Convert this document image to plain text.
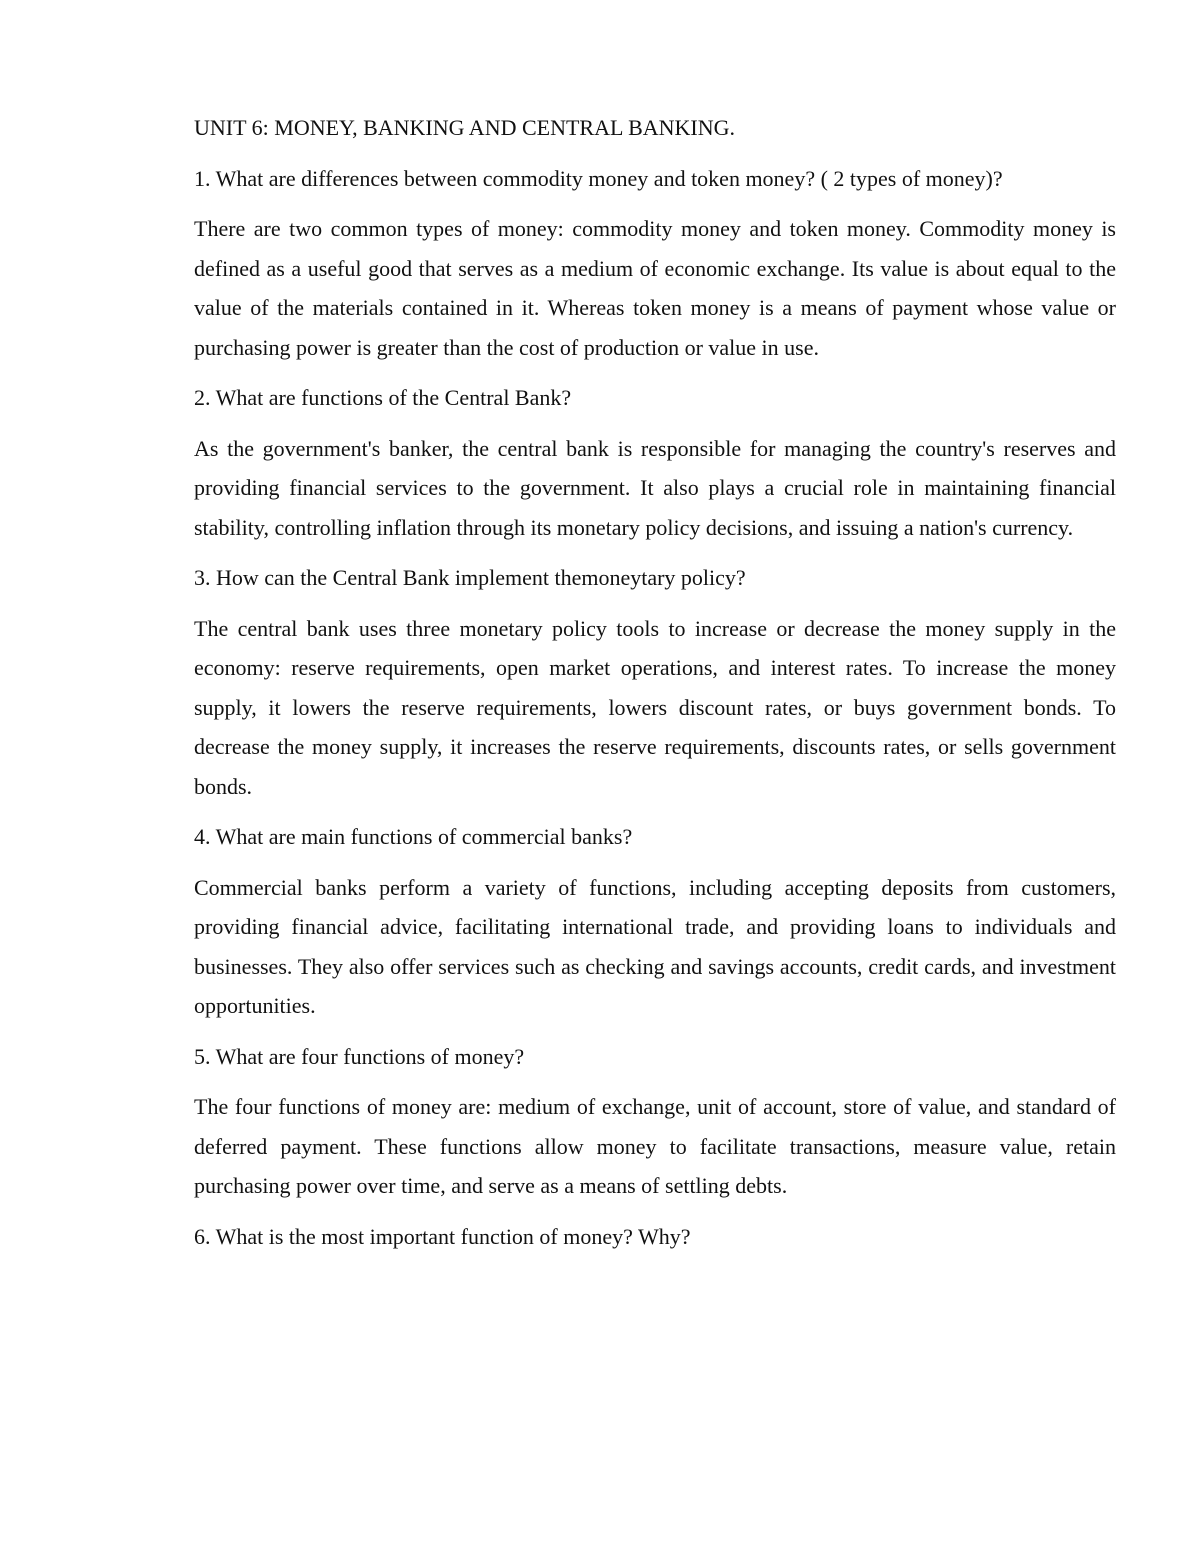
UNIT 6: MONEY, BANKING AND CENTRAL BANKING.
1. What are differences between commodity money and token money? ( 2 types of money)?
There are two common types of money: commodity money and token money. Commodity money is defined as a useful good that serves as a medium of economic exchange. Its value is about equal to the value of the materials contained in it. Whereas token money is a means of payment whose value or purchasing power is greater than the cost of production or value in use.
2. What are functions of the Central Bank?
As the government's banker, the central bank is responsible for managing the country's reserves and providing financial services to the government. It also plays a crucial role in maintaining financial stability, controlling inflation through its monetary policy decisions, and issuing a nation's currency.
3. How can the Central Bank implement themoneytary policy?
The central bank uses three monetary policy tools to increase or decrease the money supply in the economy: reserve requirements, open market operations, and interest rates. To increase the money supply, it lowers the reserve requirements, lowers discount rates, or buys government bonds. To decrease the money supply, it increases the reserve requirements, discounts rates, or sells government bonds.
4. What are main functions of commercial banks?
Commercial banks perform a variety of functions, including accepting deposits from customers, providing financial advice, facilitating international trade, and providing loans to individuals and businesses. They also offer services such as checking and savings accounts, credit cards, and investment opportunities.
5. What are four functions of money?
The four functions of money are: medium of exchange, unit of account, store of value, and standard of deferred payment. These functions allow money to facilitate transactions, measure value, retain purchasing power over time, and serve as a means of settling debts.
6. What is the most important function of money? Why?
